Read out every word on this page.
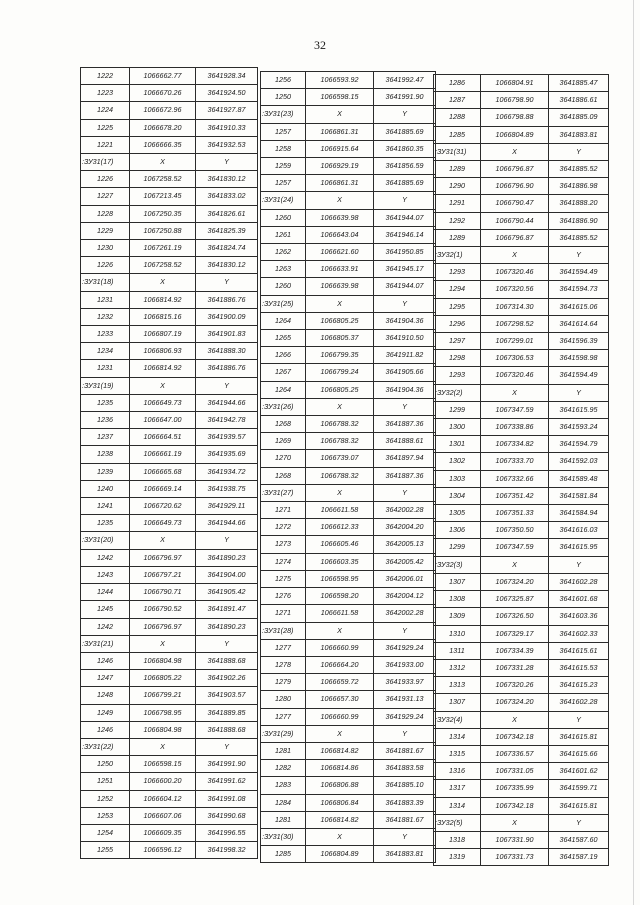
32
1222	1066662.77	3641928.34
1223	1066670.26	3641924.50
1224	1066672.96	3641927.87
1225	1066678.20	3641910.33
1221	1066666.35	3641932.53
:ЗУ31(17)	X	Y
1226	1067258.52	3641830.12
1227	1067213.45	3641833.02
1228	1067250.35	3641826.61
1229	1067250.88	3641825.39
1230	1067261.19	3641824.74
1226	1067258.52	3641830.12
:ЗУ31(18)	X	Y
1231	1066814.92	3641886.76
1232	1066815.16	3641900.09
1233	1066807.19	3641901.83
1234	1066806.93	3641888.30
1231	1066814.92	3641886.76
:ЗУ31(19)	X	Y
1235	1066649.73	3641944.66
1236	1066647.00	3641942.78
1237	1066664.51	3641939.57
1238	1066661.19	3641935.69
1239	1066665.68	3641934.72
1240	1066669.14	3641938.75
1241	1066720.62	3641929.11
1235	1066649.73	3641944.66
:ЗУ31(20)	X	Y
1242	1066796.97	3641890.23
1243	1066797.21	3641904.00
1244	1066790.71	3641905.42
1245	1066790.52	3641891.47
1242	1066796.97	3641890.23
:ЗУ31(21)	X	Y
1246	1066804.98	3641888.68
1247	1066805.22	3641902.26
1248	1066799.21	3641903.57
1249	1066798.95	3641889.85
1246	1066804.98	3641888.68
:ЗУ31(22)	X	Y
1250	1066598.15	3641991.90
1251	1066600.20	3641991.62
1252	1066604.12	3641991.08
1253	1066607.06	3641990.68
1254	1066609.35	3641996.55
1255	1066596.12	3641998.32
1256	1066593.92	3641992.47
1250	1066598.15	3641991.90
:ЗУ31(23)	X	Y
1257	1066861.31	3641885.69
1258	1066915.64	3641860.35
1259	1066929.19	3641856.59
1257	1066861.31	3641885.69
:ЗУ31(24)	X	Y
1260	1066639.98	3641944.07
1261	1066643.04	3641946.14
1262	1066621.60	3641950.85
1263	1066633.91	3641945.17
1260	1066639.98	3641944.07
:ЗУ31(25)	X	Y
1264	1066805.25	3641904.36
1265	1066805.37	3641910.50
1266	1066799.35	3641911.82
1267	1066799.24	3641905.66
1264	1066805.25	3641904.36
:ЗУ31(26)	X	Y
1268	1066788.32	3641887.36
1269	1066788.32	3641888.61
1270	1066739.07	3641897.94
1268	1066788.32	3641887.36
:ЗУ31(27)	X	Y
1271	1066611.58	3642002.28
1272	1066612.33	3642004.20
1273	1066605.46	3642005.13
1274	1066603.35	3642005.42
1275	1066598.95	3642006.01
1276	1066598.20	3642004.12
1271	1066611.58	3642002.28
:ЗУ31(28)	X	Y
1277	1066660.99	3641929.24
1278	1066664.20	3641933.00
1279	1066659.72	3641933.97
1280	1066657.30	3641931.13
1277	1066660.99	3641929.24
:ЗУ31(29)	X	Y
1281	1066814.82	3641881.67
1282	1066814.86	3641883.58
1283	1066806.88	3641885.10
1284	1066806.84	3641883.39
1281	1066814.82	3641881.67
:ЗУ31(30)	X	Y
1285	1066804.89	3641883.81
1286	1066804.91	3641885.47
1287	1066798.90	3641886.61
1288	1066798.88	3641885.09
1285	1066804.89	3641883.81
:ЗУ31(31)	X	Y
1289	1066796.87	3641885.52
1290	1066796.90	3641886.98
1291	1066790.47	3641888.20
1292	1066790.44	3641886.90
1289	1066796.87	3641885.52
:ЗУ32(1)	X	Y
1293	1067320.46	3641594.49
1294	1067320.56	3641594.73
1295	1067314.30	3641615.06
1296	1067298.52	3641614.64
1297	1067299.01	3641596.39
1298	1067306.53	3641598.98
1293	1067320.46	3641594.49
:ЗУ32(2)	X	Y
1299	1067347.59	3641615.95
1300	1067338.86	3641593.24
1301	1067334.82	3641594.79
1302	1067333.70	3641592.03
1303	1067332.66	3641589.48
1304	1067351.42	3641581.84
1305	1067351.33	3641584.94
1306	1067350.50	3641616.03
1299	1067347.59	3641615.95
:ЗУ32(3)	X	Y
1307	1067324.20	3641602.28
1308	1067325.87	3641601.68
1309	1067326.50	3641603.36
1310	1067329.17	3641602.33
1311	1067334.39	3641615.61
1312	1067331.28	3641615.53
1313	1067320.26	3641615.23
1307	1067324.20	3641602.28
:ЗУ32(4)	X	Y
1314	1067342.18	3641615.81
1315	1067336.57	3641615.66
1316	1067331.05	3641601.62
1317	1067335.99	3641599.71
1314	1067342.18	3641615.81
:ЗУ32(5)	X	Y
1318	1067331.90	3641587.60
1319	1067331.73	3641587.19
